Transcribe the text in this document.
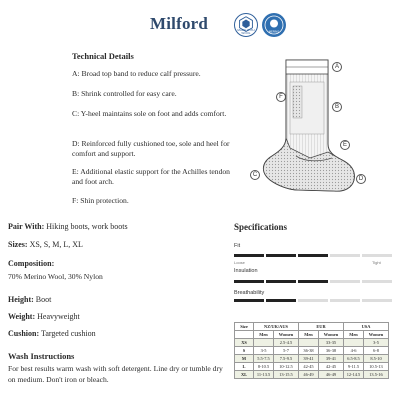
Milford	MADE WITH WOOL	MERINO
Technical Details
A: Broad top band to reduce calf pressure.
B: Shrink controlled for easy care.
C: Y-heel maintains sole on foot and adds comfort.
D: Reinforced fully cushioned toe, sole and heel for comfort and support.
E: Additional elastic support for the Achilles tendon and foot arch.
F: Shin protection.
A
B
C
D
E
F
Pair With: Hiking boots, work boots
Sizes: XS, S, M, L, XL
Composition:
70% Merino Wool, 30% Nylon
Height: Boot
Weight: Heavyweight
Cushion: Targeted cushion
Specifications
Fit
Loose	Tight
Insulation
Breathability
Size	NZ/UK/AUS		EUR		USA	
	Men	Women	Men	Women	Men	Women
XS		2.5-4.5		33-35		3-5
S	3-5	5-7	36-38	36-38	4-6	6-8
M	5.5-7.5	7.5-9.5	39-41	39-41	6.5-8.5	8.5-10
L	8-10.5	10-12.5	42-45	42-45	9-11.5	10.5-13
XL	11-13.5	13-15.5	46-49	46-49	12-14.5	13.5-16
Wash Instructions
For best results warm wash with soft detergent. Line dry or tumble dry on medium. Don't iron or bleach.
